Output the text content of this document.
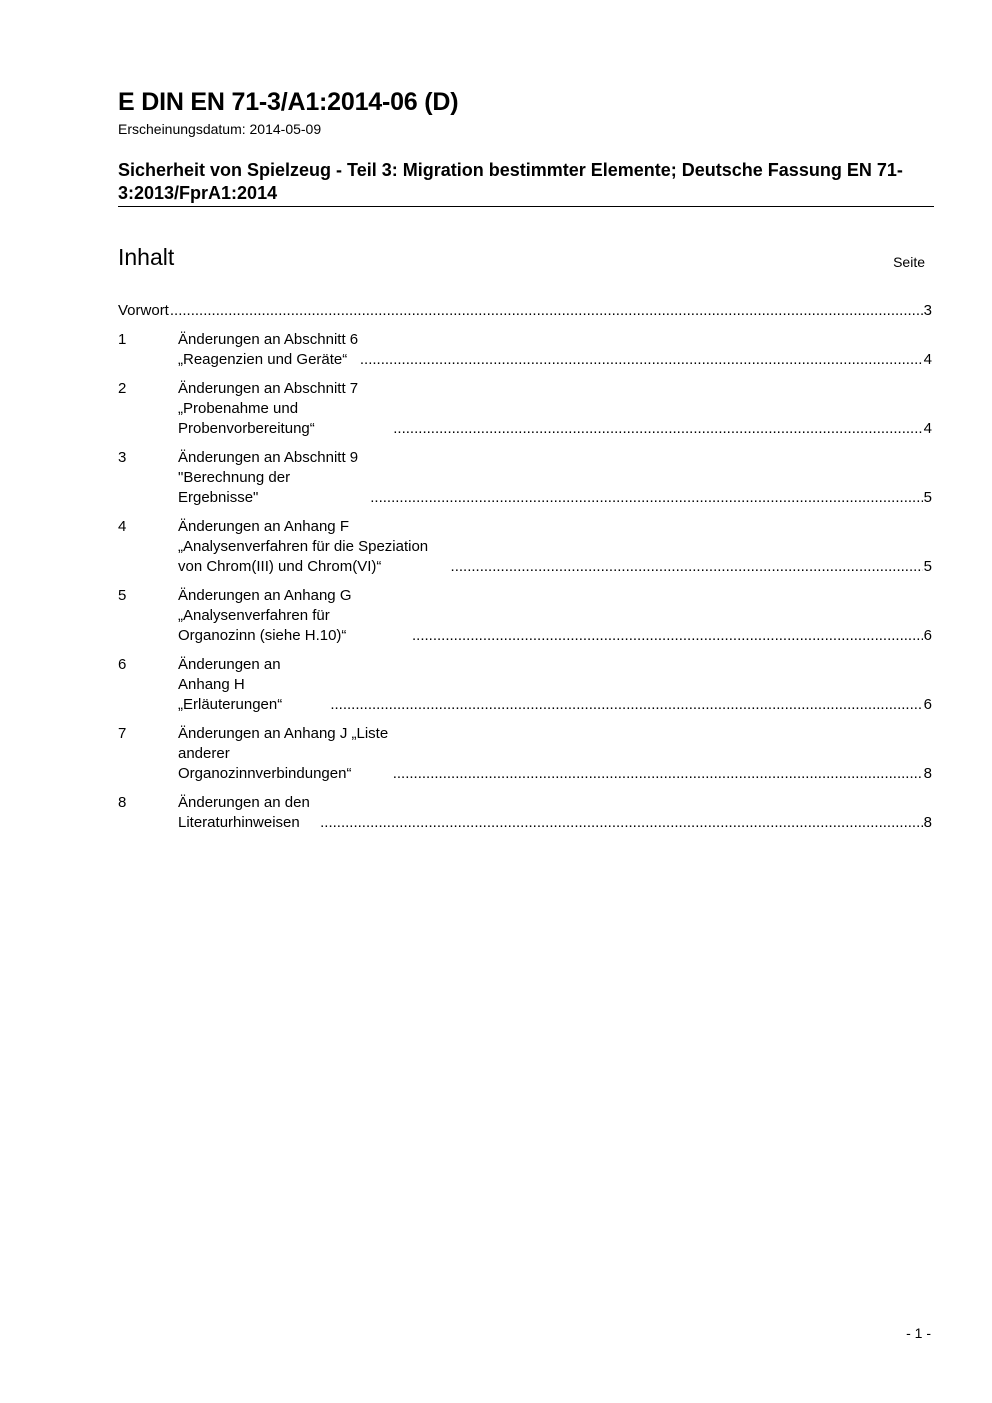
E DIN EN 71-3/A1:2014-06 (D)
Erscheinungsdatum: 2014-05-09
Sicherheit von Spielzeug - Teil 3: Migration bestimmter Elemente; Deutsche Fassung EN 71-3:2013/FprA1:2014
Inhalt	Seite
Vorwort .....	3
1	Änderungen an Abschnitt 6 „Reagenzien und Geräte“ .....	4
2	Änderungen an Abschnitt 7 „Probenahme und Probenvorbereitung“ .....	4
3	Änderungen an Abschnitt 9 "Berechnung der Ergebnisse" .....	5
4	Änderungen an Anhang F „Analysenverfahren für die Speziation von Chrom(III) und Chrom(VI)“ .....	5
5	Änderungen an Anhang G „Analysenverfahren für Organozinn (siehe H.10)“ .....	6
6	Änderungen an Anhang H „Erläuterungen“ .....	6
7	Änderungen an Anhang J „Liste anderer Organozinnverbindungen“ .....	8
8	Änderungen an den Literaturhinweisen .....	8
- 1 -
